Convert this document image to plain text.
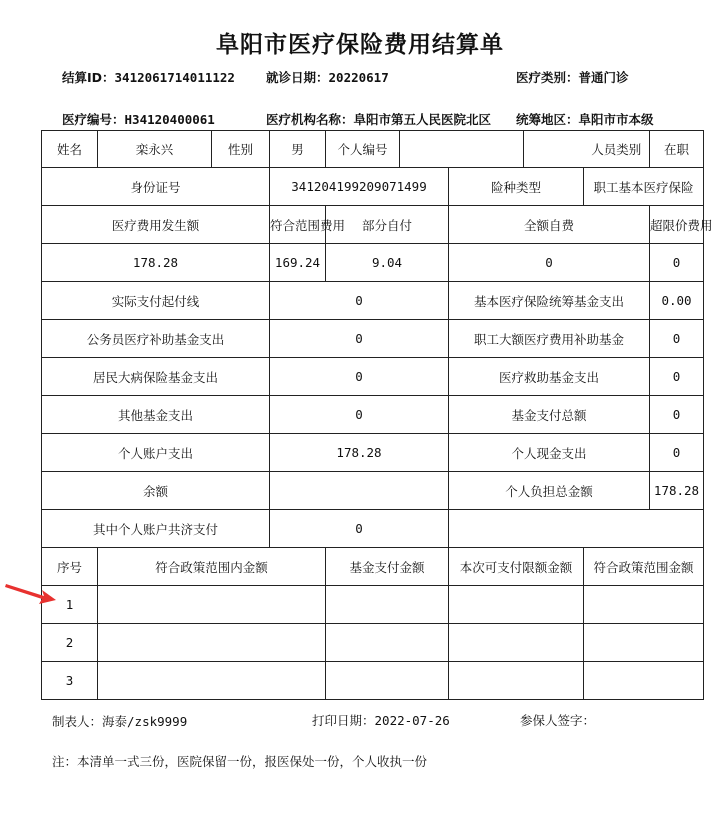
阜阳市医疗保险费用结算单
结算ID：3412061714011122 就诊日期：20220617	医疗类别：普通门诊
医疗编号：H34120400061	医疗机构名称：阜阳市第五人民医院北区 统筹地区：阜阳市市本级
姓名	栾永兴	性别	男	个人编号				人员类别	在职
身份证号			341204199209071499			险种类型		职工基本医疗保险	
医疗费用发生额			符合范围费用	部分自付		全额自费			超限价费用
178.28			169.24	9.04		0			0
实际支付起付线			0			基本医疗保险统筹基金支出			0.00
公务员医疗补助基金支出			0			职工大额医疗费用补助基金			0
居民大病保险基金支出			0			医疗救助基金支出			0
其他基金支出			0			基金支付总额			0
个人账户支出			178.28			个人现金支出			0
余额						个人负担总金额			178.28
其中个人账户共济支付			0						
序号	符合政策范围内金额			基金支付金额		本次可支付限额金额		符合政策范围金额	
1									
2									
3									
制表人：海泰/zsk9999	打印日期：2022-07-26	参保人签字：
注：本清单一式三份，医院保留一份，报医保处一份，个人收执一份
